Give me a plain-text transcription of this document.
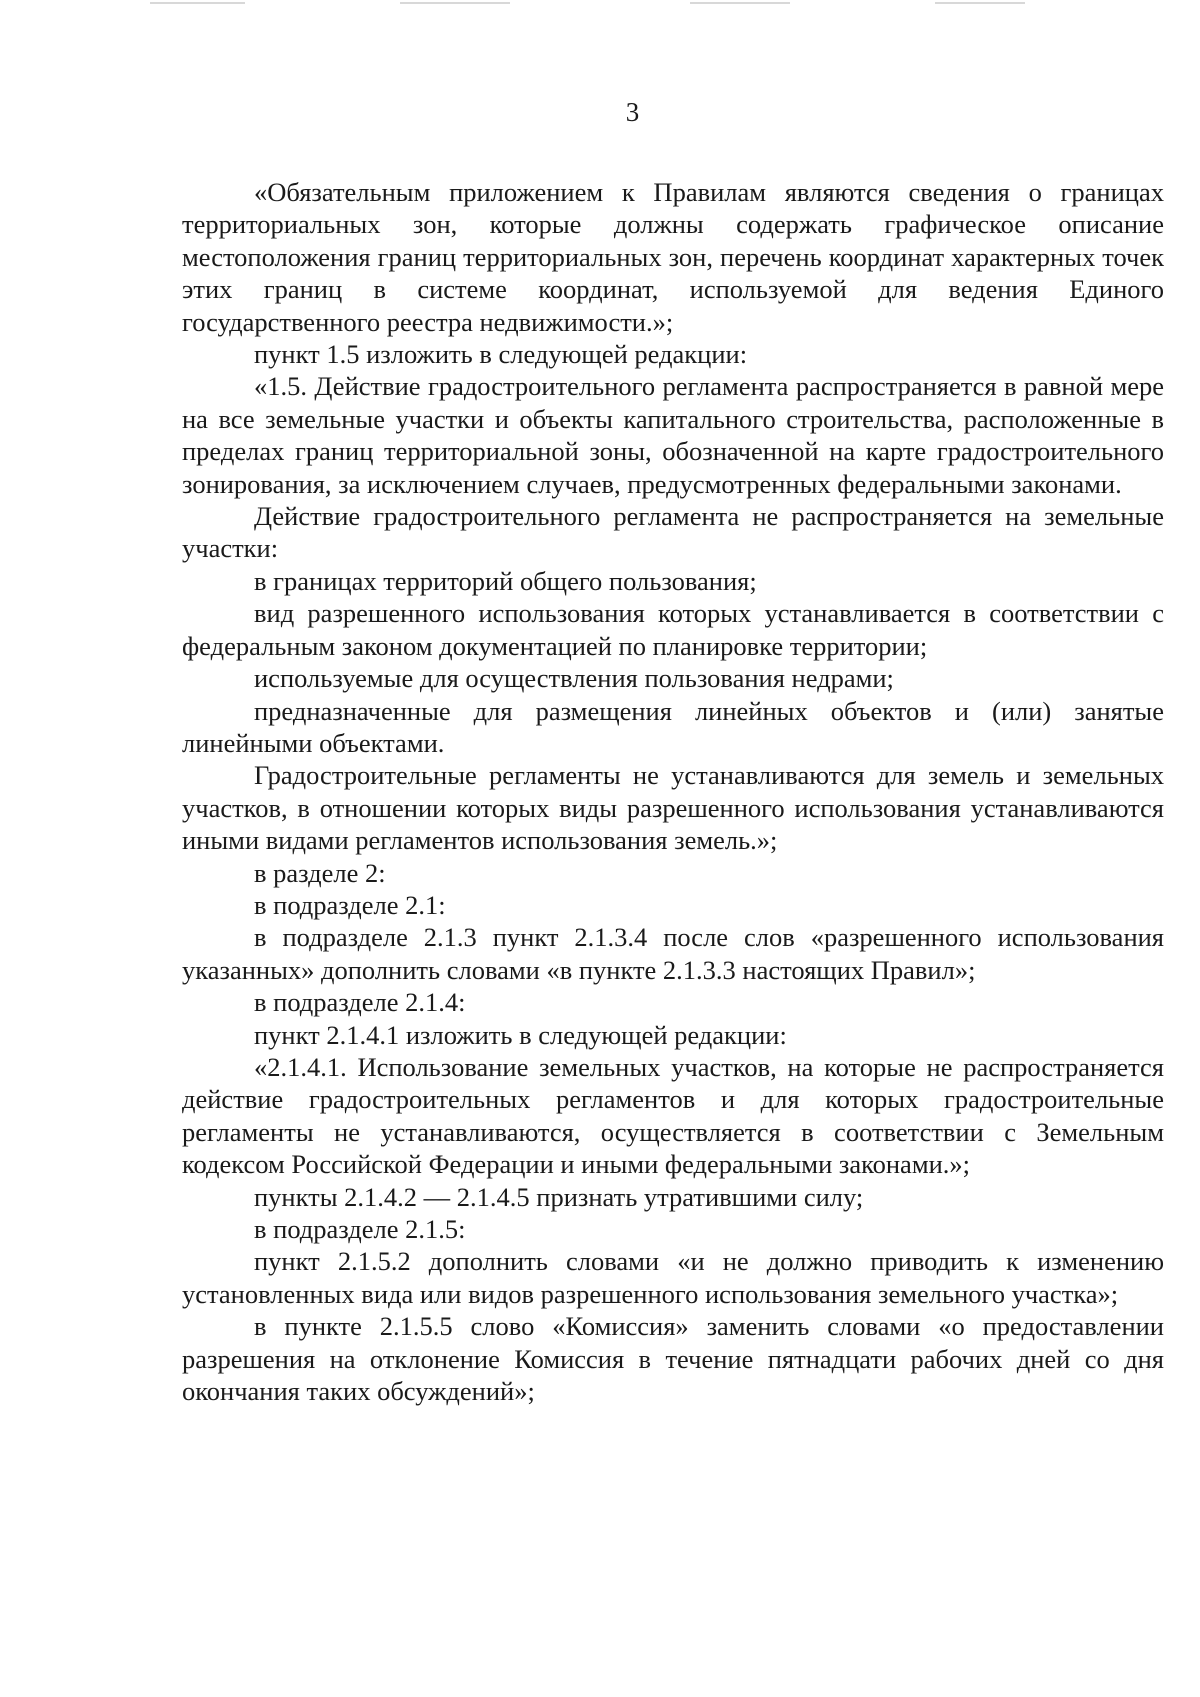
3

«Обязательным приложением к Правилам являются сведения о границах территориальных зон, которые должны содержать графическое описание местоположения границ территориальных зон, перечень координат характерных точек этих границ в системе координат, используемой для ведения Единого государственного реестра недвижимости.»;

пункт 1.5 изложить в следующей редакции:

«1.5. Действие градостроительного регламента распространяется в равной мере на все земельные участки и объекты капитального строительства, расположенные в пределах границ территориальной зоны, обозначенной на карте градостроительного зонирования, за исключением случаев, предусмотренных федеральными законами.

Действие градостроительного регламента не распространяется на земельные участки:

в границах территорий общего пользования;

вид разрешенного использования которых устанавливается в соответствии с федеральным законом документацией по планировке территории;

используемые для осуществления пользования недрами;

предназначенные для размещения линейных объектов и (или) занятые линейными объектами.

Градостроительные регламенты не устанавливаются для земель и земельных участков, в отношении которых виды разрешенного использования устанавливаются иными видами регламентов использования земель.»;

в разделе 2:

в подразделе 2.1:

в подразделе 2.1.3 пункт 2.1.3.4 после слов «разрешенного использования указанных» дополнить словами «в пункте 2.1.3.3 настоящих Правил»;

в подразделе 2.1.4:

пункт 2.1.4.1 изложить в следующей редакции:

«2.1.4.1. Использование земельных участков, на которые не распространяется действие градостроительных регламентов и для которых градостроительные регламенты не устанавливаются, осуществляется в соответствии с Земельным кодексом Российской Федерации и иными федеральными законами.»;

пункты 2.1.4.2 — 2.1.4.5 признать утратившими силу;

в подразделе 2.1.5:

пункт 2.1.5.2 дополнить словами «и не должно приводить к изменению установленных вида или видов разрешенного использования земельного участка»;

в пункте 2.1.5.5 слово «Комиссия» заменить словами «о предоставлении разрешения на отклонение Комиссия в течение пятнадцати рабочих дней со дня окончания таких обсуждений»;
